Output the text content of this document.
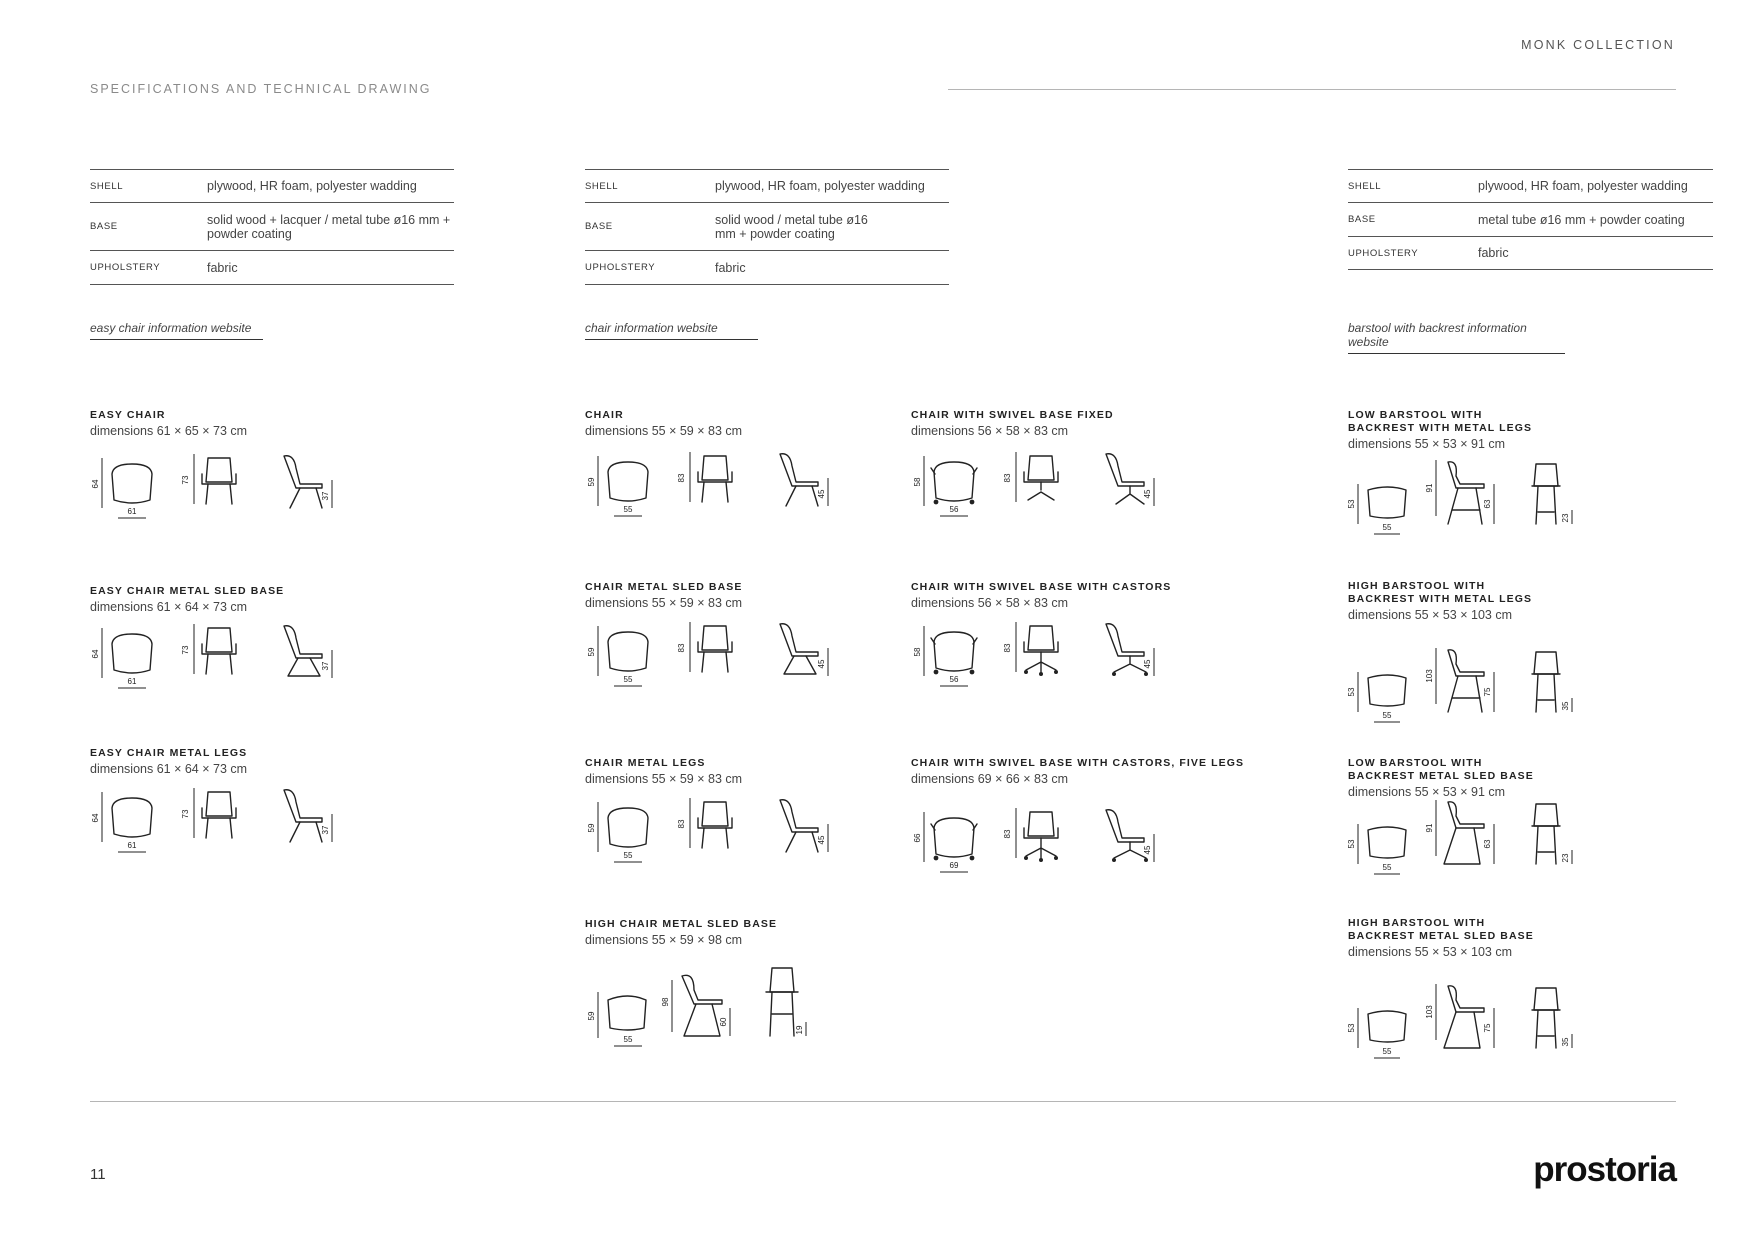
MONK COLLECTION
SPECIFICATIONS AND TECHNICAL DRAWING
SHELL	plywood, HR foam, polyester wadding
BASE	solid wood + lacquer / metal tube ø16 mm + powder coating
UPHOLSTERY	fabric
easy chair information website
SHELL	plywood, HR foam, polyester wadding
BASE	solid wood / metal tube ø16 mm + powder coating
UPHOLSTERY	fabric
chair information website
SHELL	plywood, HR foam, polyester wadding
BASE	metal tube ø16 mm + powder coating
UPHOLSTERY	fabric
barstool with backrest information website
EASY CHAIR
dimensions 61 × 65 × 73 cm
EASY CHAIR METAL SLED BASE
dimensions 61 × 64 × 73 cm
EASY CHAIR METAL LEGS
dimensions 61 × 64 × 73 cm
CHAIR
dimensions 55 × 59 × 83 cm
CHAIR METAL SLED BASE
dimensions 55 × 59 × 83 cm
CHAIR METAL LEGS
dimensions 55 × 59 × 83 cm
HIGH CHAIR METAL SLED BASE
dimensions 55 × 59 × 98 cm
CHAIR WITH SWIVEL BASE FIXED
dimensions 56 × 58 × 83 cm
CHAIR WITH SWIVEL BASE WITH CASTORS
dimensions 56 × 58 × 83 cm
CHAIR WITH SWIVEL BASE WITH CASTORS, FIVE LEGS
dimensions 69 × 66 × 83 cm
LOW BARSTOOL WITH BACKREST WITH METAL LEGS
dimensions 55 × 53 × 91 cm
HIGH BARSTOOL WITH BACKREST WITH METAL LEGS
dimensions 55 × 53 × 103 cm
LOW BARSTOOL WITH BACKREST METAL SLED BASE
dimensions 55 × 53 × 91 cm
HIGH BARSTOOL WITH BACKREST METAL SLED BASE
dimensions 55 × 53 × 103 cm
64
61
73
37
64
61
73
37
64
61
73
37
59
55
83
45
59
55
83
45
59
55
83
45
59
55
98
60
19
58
56
83
45
58
56
83
45
66
69
83
45
53
55
91
63
23
53
55
103
75
35
53
55
91
63
23
53
55
103
75
35
11	prostoria
